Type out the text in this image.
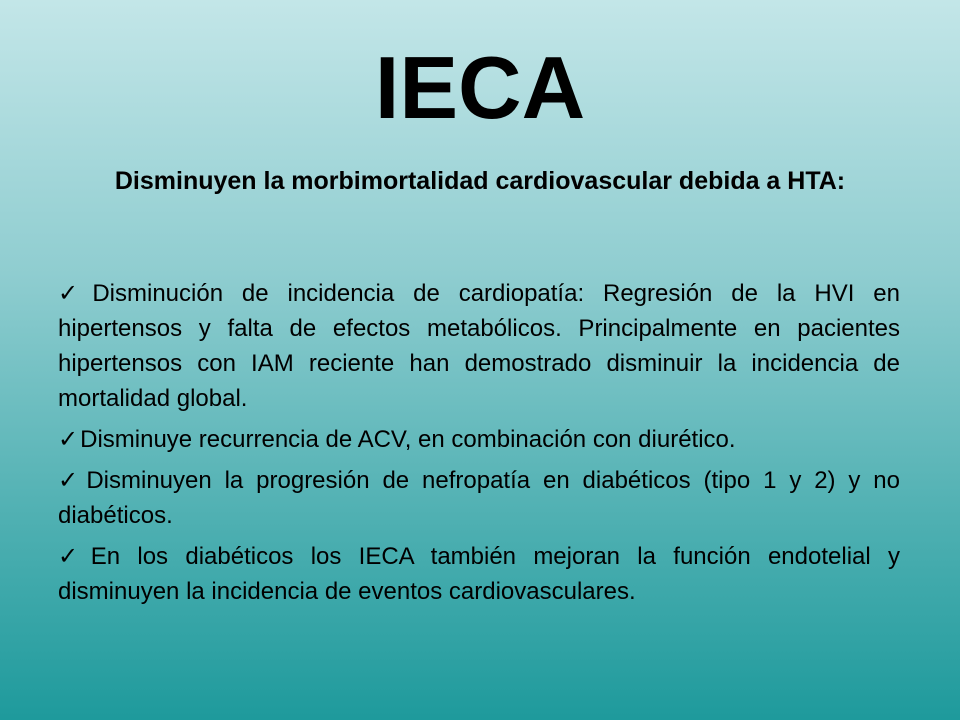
IECA

Disminuyen la morbimortalidad cardiovascular debida a HTA:

✓Disminución de incidencia de cardiopatía: Regresión de la HVI en hipertensos y falta de efectos metabólicos. Principalmente en pacientes hipertensos con IAM reciente han demostrado disminuir la incidencia de mortalidad global.
✓Disminuye recurrencia de ACV, en combinación con diurético.
✓Disminuyen la progresión de nefropatía en diabéticos (tipo 1 y 2) y no diabéticos.
✓En los diabéticos los IECA también mejoran la función endotelial y disminuyen la incidencia de eventos cardiovasculares.
